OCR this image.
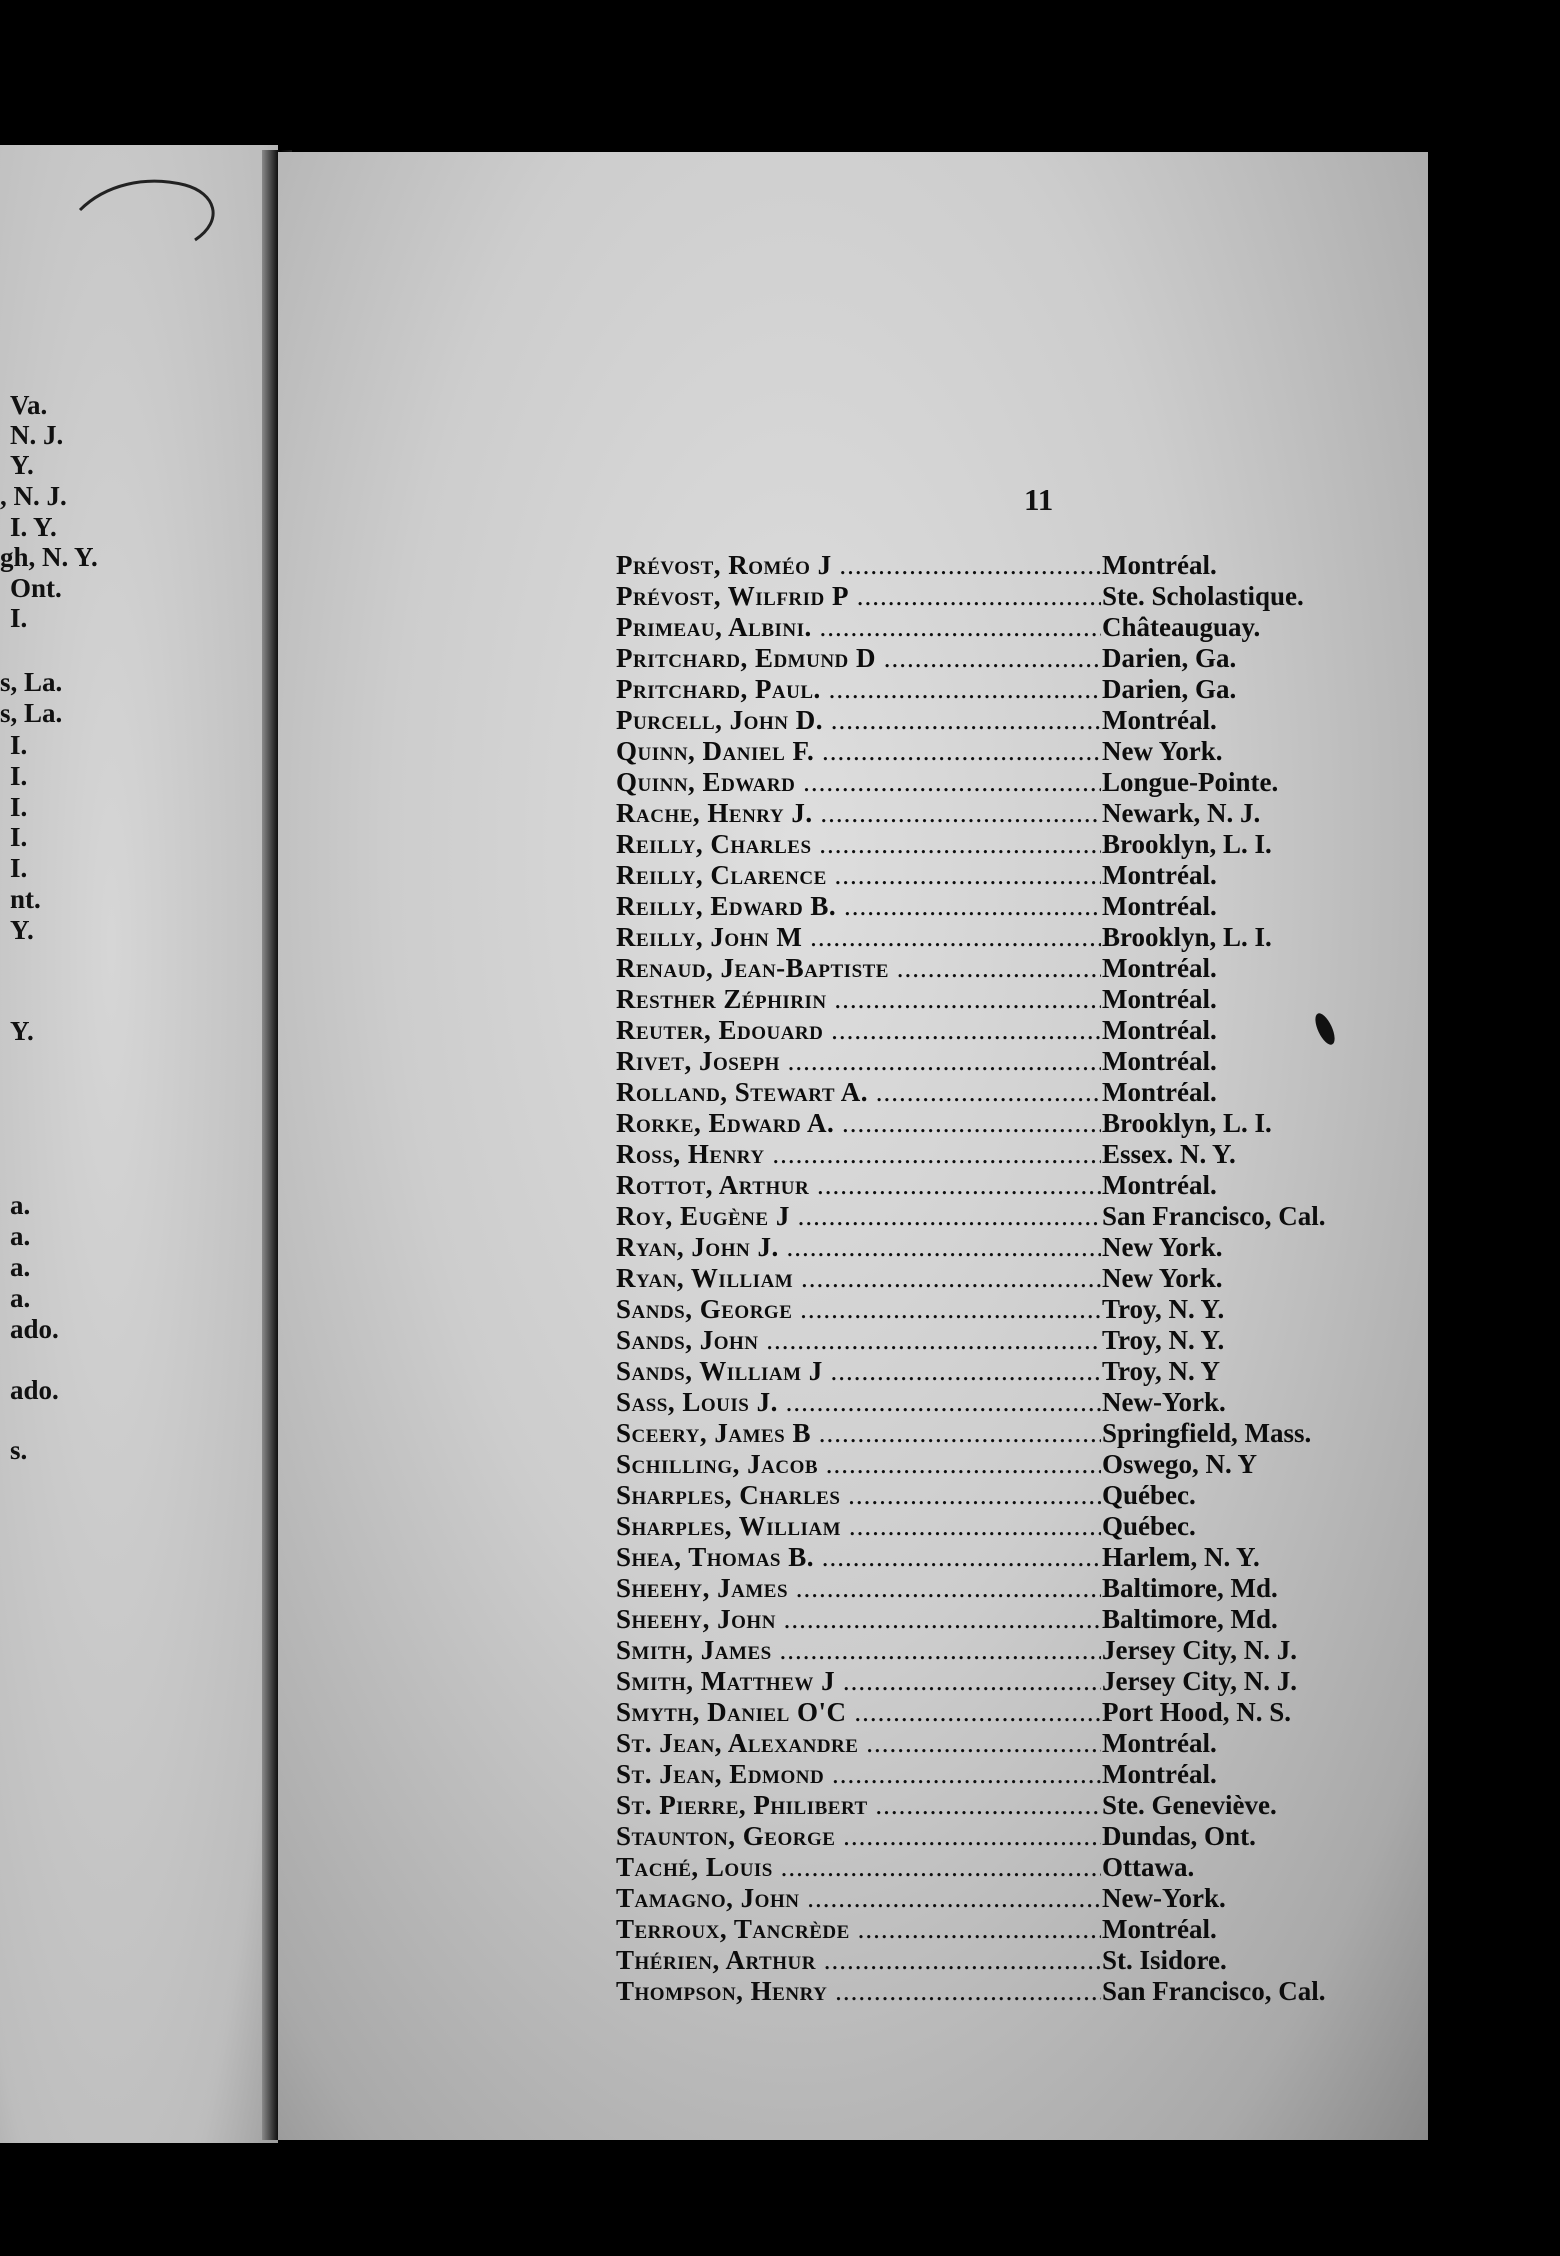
Va.
N. J.
Y.
, N. J.
I. Y.
gh, N. Y.
Ont.
I.
s, La.
s, La.
I.
I.
I.
I.
I.
nt.
Y.
Y.
a.
a.
a.
a.
ado.
ado.
s.
11
Prévost, Roméo J .....	Montréal.
Prévost, Wilfrid P .....	Ste. Scholastique.
Primeau, Albini. .....	Châteauguay.
Pritchard, Edmund D .....	Darien, Ga.
Pritchard, Paul. .....	Darien, Ga.
Purcell, John D. .....	Montréal.
Quinn, Daniel F. .....	New York.
Quinn, Edward .....	Longue-Pointe.
Rache, Henry J. .....	Newark, N. J.
Reilly, Charles .....	Brooklyn, L. I.
Reilly, Clarence .....	Montréal.
Reilly, Edward B. .....	Montréal.
Reilly, John M .....	Brooklyn, L. I.
Renaud, Jean-Baptiste .....	Montréal.
Resther Zéphirin .....	Montréal.
Reuter, Edouard .....	Montréal.
Rivet, Joseph .....	Montréal.
Rolland, Stewart A. .....	Montréal.
Rorke, Edward A. .....	Brooklyn, L. I.
Ross, Henry .....	Essex. N. Y.
Rottot, Arthur .....	Montréal.
Roy, Eugène J .....	San Francisco, Cal.
Ryan, John J. .....	New York.
Ryan, William .....	New York.
Sands, George .....	Troy, N. Y.
Sands, John .....	Troy, N. Y.
Sands, William J .....	Troy, N. Y
Sass, Louis J. .....	New-York.
Sceery, James B .....	Springfield, Mass.
Schilling, Jacob .....	Oswego, N. Y
Sharples, Charles .....	Québec.
Sharples, William .....	Québec.
Shea, Thomas B. .....	Harlem, N. Y.
Sheehy, James .....	Baltimore, Md.
Sheehy, John .....	Baltimore, Md.
Smith, James .....	Jersey City, N. J.
Smith, Matthew J .....	Jersey City, N. J.
Smyth, Daniel O'C .....	Port Hood, N. S.
St. Jean, Alexandre .....	Montréal.
St. Jean, Edmond .....	Montréal.
St. Pierre, Philibert .....	Ste. Geneviève.
Staunton, George .....	Dundas, Ont.
Taché, Louis .....	Ottawa.
Tamagno, John .....	New-York.
Terroux, Tancrède .....	Montréal.
Thérien, Arthur .....	St. Isidore.
Thompson, Henry .....	San Francisco, Cal.
